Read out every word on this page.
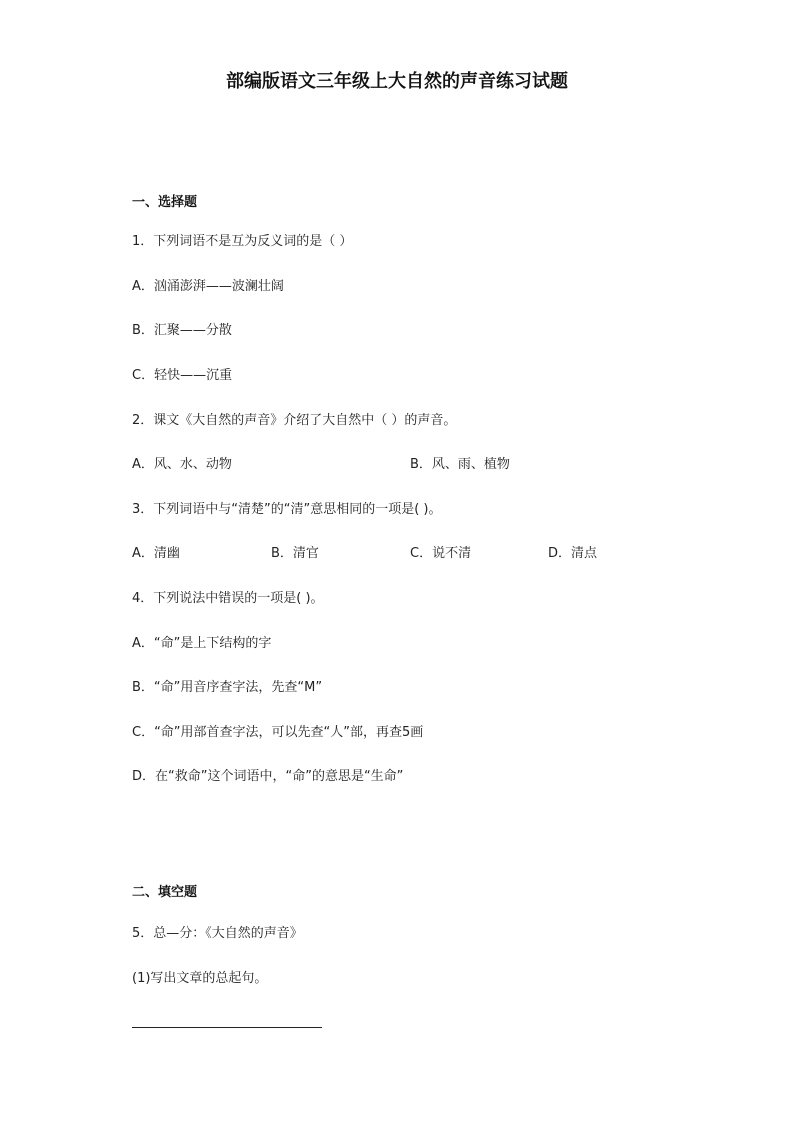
部编版语文三年级上大自然的声音练习试题
一、选择题
1．下列词语不是互为反义词的是（ ）
A．汹涌澎湃——波澜壮阔
B．汇聚——分散
C．轻快——沉重
2．课文《大自然的声音》介绍了大自然中（ ）的声音。
A．风、水、动物	B．风、雨、植物
3．下列词语中与“清楚”的“清”意思相同的一项是( )。
A．清幽	B．清官	C．说不清	D．清点
4．下列说法中错误的一项是( )。
A．“命”是上下结构的字
B．“命”用音序查字法，先查“M”
C．“命”用部首查字法，可以先查“人”部，再查5画
D．在“救命”这个词语中，“命”的意思是“生命”
二、填空题
5．总—分：《大自然的声音》
(1)写出文章的总起句。
